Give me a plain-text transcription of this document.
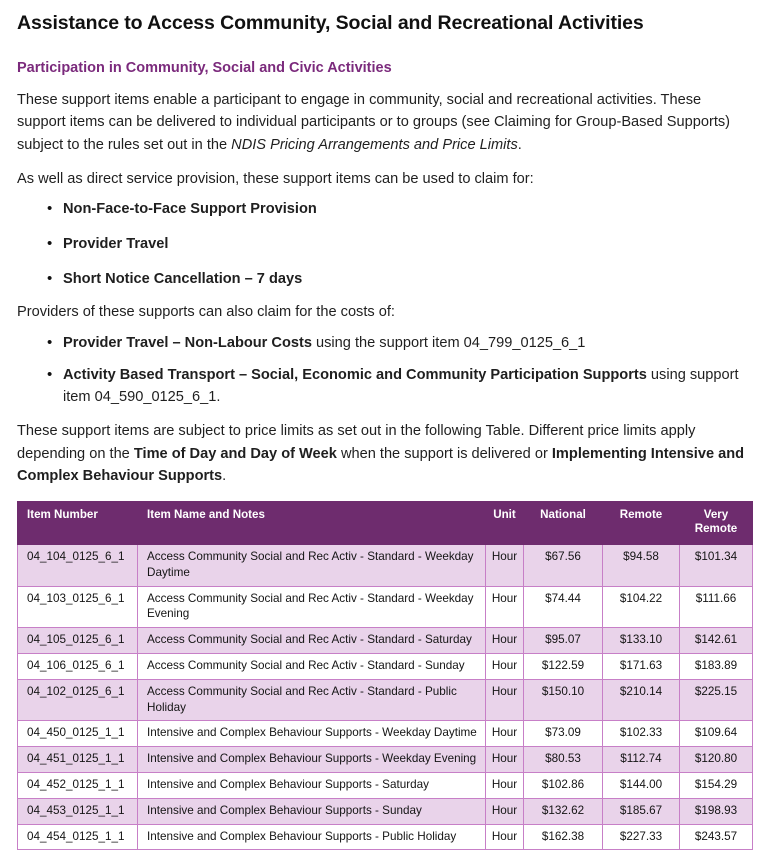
Assistance to Access Community, Social and Recreational Activities
Participation in Community, Social and Civic Activities

These support items enable a participant to engage in community, social and recreational activities. These support items can be delivered to individual participants or to groups (see Claiming for Group-Based Supports) subject to the rules set out in the NDIS Pricing Arrangements and Price Limits.

As well as direct service provision, these support items can be used to claim for:

• Non-Face-to-Face Support Provision
• Provider Travel
• Short Notice Cancellation – 7 days

Providers of these supports can also claim for the costs of:

• Provider Travel – Non-Labour Costs using the support item 04_799_0125_6_1
• Activity Based Transport – Social, Economic and Community Participation Supports using support item 04_590_0125_6_1.

These support items are subject to price limits as set out in the following Table. Different price limits apply depending on the Time of Day and Day of Week when the support is delivered or Implementing Intensive and Complex Behaviour Supports.

Item Number	Item Name and Notes	Unit	National	Remote	Very Remote
04_104_0125_6_1	Access Community Social and Rec Activ - Standard - Weekday Daytime	Hour	$67.56	$94.58	$101.34
04_103_0125_6_1	Access Community Social and Rec Activ - Standard - Weekday Evening	Hour	$74.44	$104.22	$111.66
04_105_0125_6_1	Access Community Social and Rec Activ - Standard - Saturday	Hour	$95.07	$133.10	$142.61
04_106_0125_6_1	Access Community Social and Rec Activ - Standard - Sunday	Hour	$122.59	$171.63	$183.89
04_102_0125_6_1	Access Community Social and Rec Activ - Standard - Public Holiday	Hour	$150.10	$210.14	$225.15
04_450_0125_1_1	Intensive and Complex Behaviour Supports - Weekday Daytime	Hour	$73.09	$102.33	$109.64
04_451_0125_1_1	Intensive and Complex Behaviour Supports - Weekday Evening	Hour	$80.53	$112.74	$120.80
04_452_0125_1_1	Intensive and Complex Behaviour Supports - Saturday	Hour	$102.86	$144.00	$154.29
04_453_0125_1_1	Intensive and Complex Behaviour Supports - Sunday	Hour	$132.62	$185.67	$198.93
04_454_0125_1_1	Intensive and Complex Behaviour Supports - Public Holiday	Hour	$162.38	$227.33	$243.57
